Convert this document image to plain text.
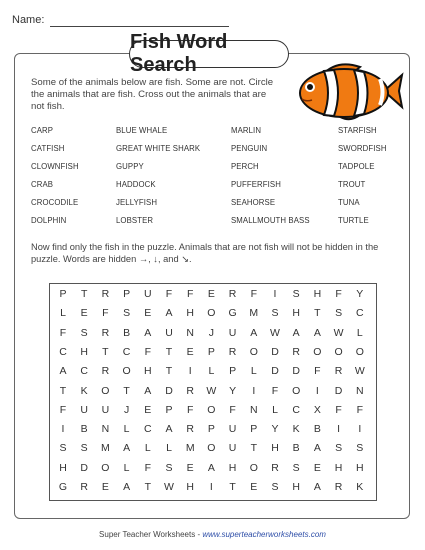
Name:
Fish Word Search
Some of the animals below are fish. Some are not. Circle the animals that are fish. Cross out the animals that are not fish.
CARP
CATFISH
CLOWNFISH
CRAB
CROCODILE
DOLPHIN
BLUE WHALE
GREAT WHITE SHARK
GUPPY
HADDOCK
JELLYFISH
LOBSTER
MARLIN
PENGUIN
PERCH
PUFFERFISH
SEAHORSE
SMALLMOUTH BASS
STARFISH
SWORDFISH
TADPOLE
TROUT
TUNA
TURTLE
Now find only the fish in the puzzle. Animals that are not fish will not be hidden in the puzzle. Words are hidden →, ↓, and ↘.
P	T	R	P	U	F	F	E	R	F	I	S	H	F	Y
L	E	F	S	E	A	H	O	G	M	S	H	T	S	C
F	S	R	B	A	U	N	J	U	A	W	A	A	W	L
C	H	T	C	F	T	E	P	R	O	D	R	O	O	O
A	C	R	O	H	T	I	L	P	L	D	D	F	R	W
T	K	O	T	A	D	R	W	Y	I	F	O	I	D	N
F	U	U	J	E	P	F	O	F	N	L	C	X	F	F
I	B	N	L	C	A	R	P	U	P	Y	K	B	I	I
S	S	M	A	L	L	M	O	U	T	H	B	A	S	S
H	D	O	L	F	S	E	A	H	O	R	S	E	H	H
G	R	E	A	T	W	H	I	T	E	S	H	A	R	K
Super Teacher Worksheets - www.superteacherworksheets.com
